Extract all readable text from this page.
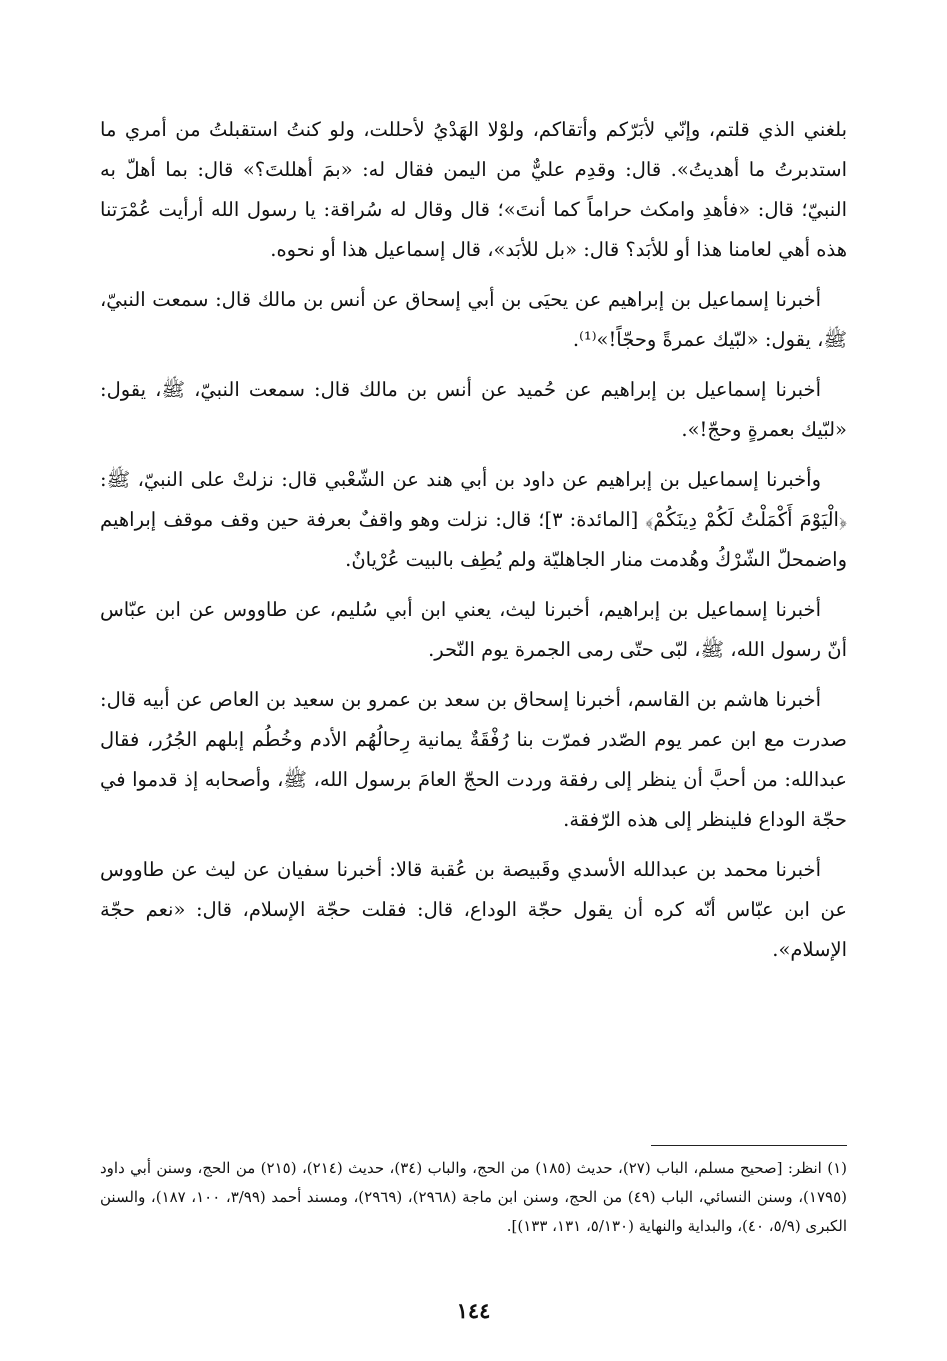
بلغني الذي قلتم، وإنّي لأبَرّكم وأتقاكم، ولوْلا الهَدْيُ لأحللت، ولو كنتُ استقبلتُ من أمري ما استدبرتُ ما أهديتُ». قال: وقدِم عليٌّ من اليمن فقال له: «بمَ أهللتَ؟» قال: بما أهلّ به النبيّ؛ قال: «فأهدِ وامكث حراماً كما أنتَ»؛ قال وقال له سُراقة: يا رسول الله أرأيت عُمْرَتنا هذه أهي لعامنا هذا أو للأبَد؟ قال: «بل للأبَد»، قال إسماعيل هذا أو نحوه.

أخبرنا إسماعيل بن إبراهيم عن يحيَى بن أبي إسحاق عن أنس بن مالك قال: سمعت النبيّ، ﷺ، يقول: «لبّيك عمرةً وحجّاً!»⁽¹⁾.

أخبرنا إسماعيل بن إبراهيم عن حُميد عن أنس بن مالك قال: سمعت النبيّ، ﷺ، يقول: «لبّيك بعمرةٍ وحجّ!».

وأخبرنا إسماعيل بن إبراهيم عن داود بن أبي هند عن الشّعْبي قال: نزلتْ على النبيّ، ﷺ: ﴿الْيَوْمَ أَكْمَلْتُ لَكُمْ دِينَكُمْ﴾ [المائدة: ٣]؛ قال: نزلت وهو واقفٌ بعرفة حين وقف موقف إبراهيم واضمحلّ الشّرْكُ وهُدمت منار الجاهليّة ولم يُطِف بالبيت عُرْيانٌ.

أخبرنا إسماعيل بن إبراهيم، أخبرنا ليث، يعني ابن أبي سُليم، عن طاووس عن ابن عبّاس أنّ رسول الله، ﷺ، لبّى حتّى رمى الجمرة يوم النّحر.

أخبرنا هاشم بن القاسم، أخبرنا إسحاق بن سعد بن عمرو بن سعيد بن العاص عن أبيه قال: صدرت مع ابن عمر يوم الصّدر فمرّت بنا رُفْقَةٌ يمانية رِحالُهُم الأدم وخُطُم إبلهم الجُرُر، فقال عبدالله: من أحبَّ أن ينظر إلى رفقة وردت الحجّ العامَ برسول الله، ﷺ، وأصحابه إذ قدموا في حجّة الوداع فلينظر إلى هذه الرّفقة.

أخبرنا محمد بن عبدالله الأسدي وقَبيصة بن عُقبة قالا: أخبرنا سفيان عن ليث عن طاووس عن ابن عبّاس أنّه كره أن يقول حجّة الوداع، قال: فقلت حجّة الإسلام، قال: «نعم حجّة الإسلام».

(١) انظر: [صحيح مسلم، الباب (٢٧)، حديث (١٨٥) من الحج، والباب (٣٤)، حديث (٢١٤)، (٢١٥) من الحج، وسنن أبي داود (١٧٩٥)، وسنن النسائي، الباب (٤٩) من الحج، وسنن ابن ماجة (٢٩٦٨)، (٢٩٦٩)، ومسند أحمد (٣/٩٩، ١٠٠، ١٨٧)، والسنن الكبرى (٥/٩، ٤٠)، والبداية والنهاية (٥/١٣٠، ١٣١، ١٣٣)].

١٤٤
